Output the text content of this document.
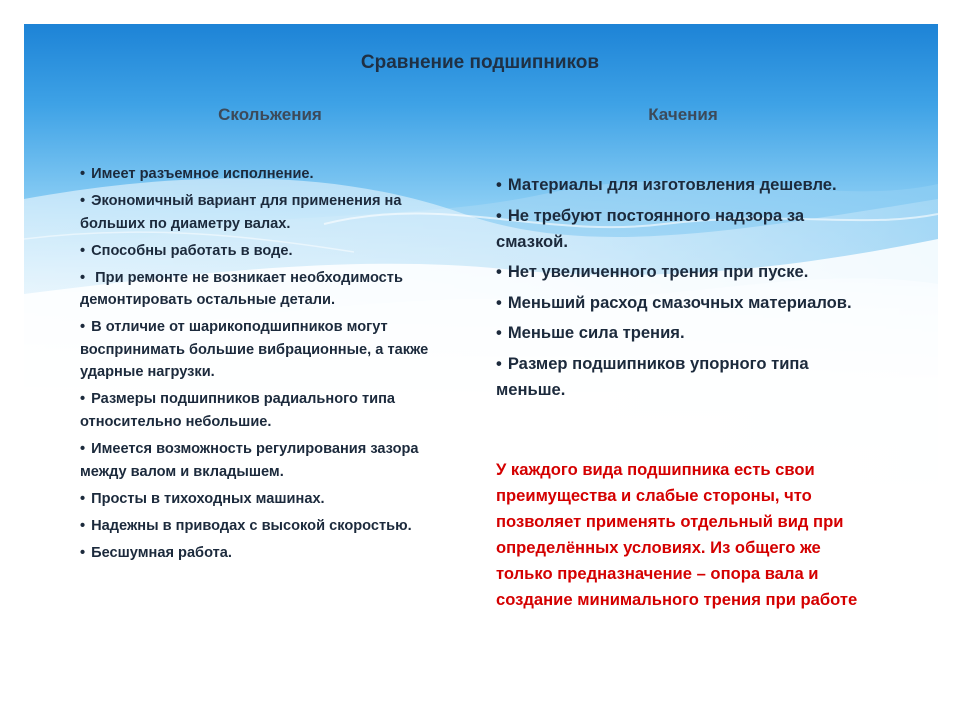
Сравнение подшипников
Скольжения	Качения
• Имеет разъемное исполнение.
• Экономичный вариант для применения на больших по диаметру валах.
• Способны работать в воде.
• При ремонте не возникает необходимость демонтировать остальные детали.
• В отличие от шарикоподшипников могут воспринимать большие вибрационные, а также ударные нагрузки.
• Размеры подшипников радиального типа относительно небольшие.
• Имеется возможность регулирования зазора между валом и вкладышем.
• Просты в тихоходных машинах.
• Надежны в приводах с высокой скоростью.
• Бесшумная работа.
• Материалы для изготовления дешевле.
• Не требуют постоянного надзора за смазкой.
• Нет увеличенного трения при пуске.
• Меньший расход смазочных материалов.
• Меньше сила трения.
• Размер подшипников упорного типа меньше.

У каждого вида подшипника есть свои преимущества и слабые стороны, что позволяет применять отдельный вид при определённых условиях. Из общего же только предназначение – опора вала и создание минимального трения при работе
